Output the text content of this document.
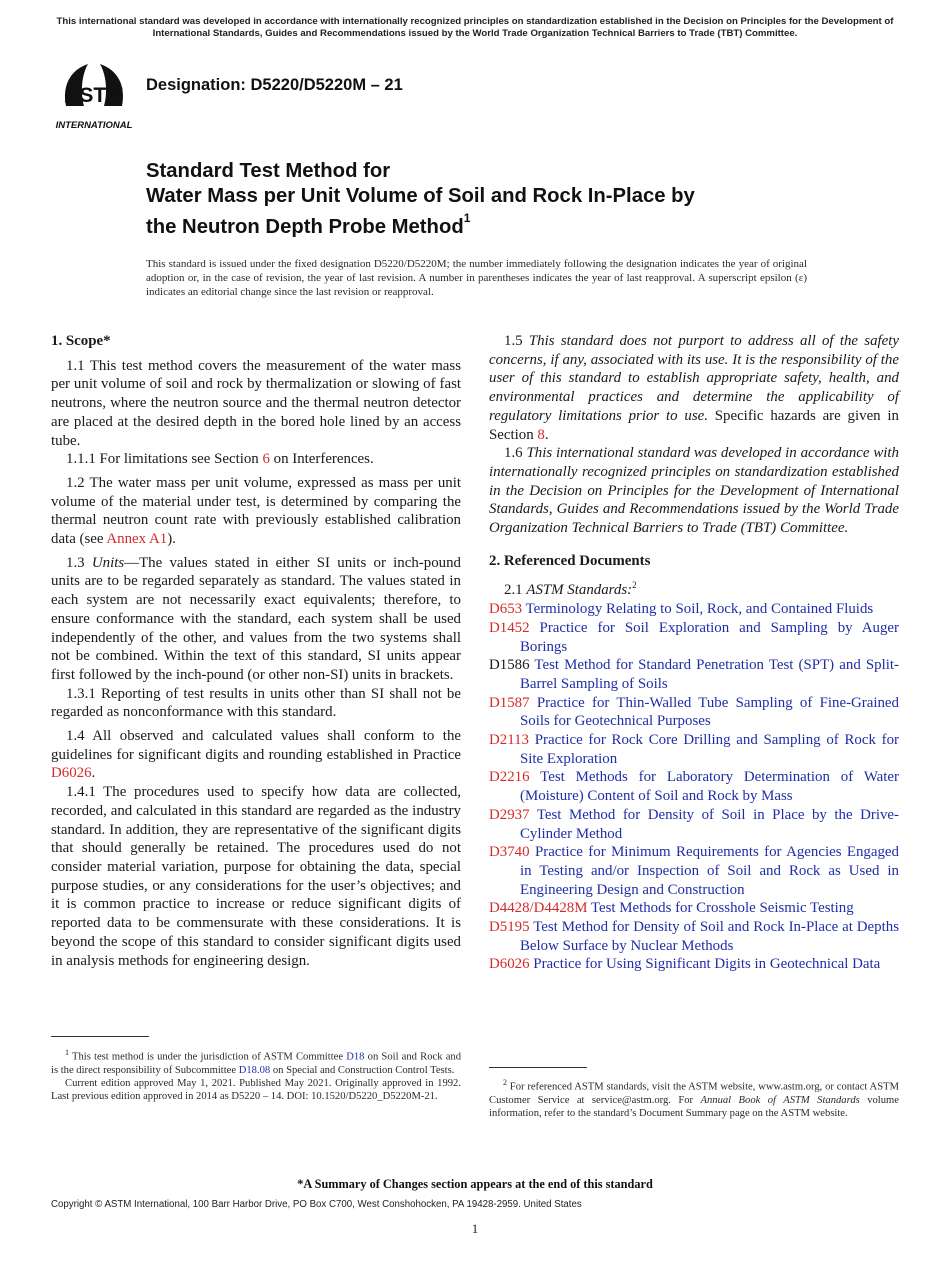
This international standard was developed in accordance with internationally recognized principles on standardization established in the Decision on Principles for the Development of International Standards, Guides and Recommendations issued by the World Trade Organization Technical Barriers to Trade (TBT) Committee.
ASTM
INTERNATIONAL
Designation: D5220/D5220M – 21
Standard Test Method for
Water Mass per Unit Volume of Soil and Rock In-Place by
the Neutron Depth Probe Method$^1$
This standard is issued under the fixed designation D5220/D5220M; the number immediately following the designation indicates the year of original adoption or, in the case of revision, the year of last revision. A number in parentheses indicates the year of last reapproval. A superscript epsilon (ε) indicates an editorial change since the last revision or reapproval.

1. Scope*

1.1 This test method covers the measurement of the water mass per unit volume of soil and rock by thermalization or slowing of fast neutrons, where the neutron source and the thermal neutron detector are placed at the desired depth in the bored hole lined by an access tube.

1.1.1 For limitations see Section 6 on Interferences.

1.2 The water mass per unit volume, expressed as mass per unit volume of the material under test, is determined by comparing the thermal neutron count rate with previously established calibration data (see Annex A1).

1.3 Units—The values stated in either SI units or inch-pound units are to be regarded separately as standard. The values stated in each system are not necessarily exact equivalents; therefore, to ensure conformance with the standard, each system shall be used independently of the other, and values from the two systems shall not be combined. Within the text of this standard, SI units appear first followed by the inch-pound (or other non-SI) units in brackets.

1.3.1 Reporting of test results in units other than SI shall not be regarded as nonconformance with this standard.

1.4 All observed and calculated values shall conform to the guidelines for significant digits and rounding established in Practice D6026.

1.4.1 The procedures used to specify how data are collected, recorded, and calculated in this standard are regarded as the industry standard. In addition, they are representative of the significant digits that should generally be retained. The procedures used do not consider material variation, purpose for obtaining the data, special purpose studies, or any considerations for the user’s objectives; and it is common practice to increase or reduce significant digits of reported data to be commensurate with these considerations. It is beyond the scope of this standard to consider significant digits used in analysis methods for engineering design.

$^1$ This test method is under the jurisdiction of ASTM Committee D18 on Soil and Rock and is the direct responsibility of Subcommittee D18.08 on Special and Construction Control Tests.

Current edition approved May 1, 2021. Published May 2021. Originally approved in 1992. Last previous edition approved in 2014 as D5220 – 14. DOI: 10.1520/D5220_D5220M-21.

1.5 This standard does not purport to address all of the safety concerns, if any, associated with its use. It is the responsibility of the user of this standard to establish appropriate safety, health, and environmental practices and determine the applicability of regulatory limitations prior to use. Specific hazards are given in Section 8.

1.6 This international standard was developed in accordance with internationally recognized principles on standardization established in the Decision on Principles for the Development of International Standards, Guides and Recommendations issued by the World Trade Organization Technical Barriers to Trade (TBT) Committee.

2. Referenced Documents

2.1 ASTM Standards:$^2$

D653 Terminology Relating to Soil, Rock, and Contained Fluids

D1452 Practice for Soil Exploration and Sampling by Auger Borings

D1586 Test Method for Standard Penetration Test (SPT) and Split-Barrel Sampling of Soils

D1587 Practice for Thin-Walled Tube Sampling of Fine-Grained Soils for Geotechnical Purposes

D2113 Practice for Rock Core Drilling and Sampling of Rock for Site Exploration

D2216 Test Methods for Laboratory Determination of Water (Moisture) Content of Soil and Rock by Mass

D2937 Test Method for Density of Soil in Place by the Drive-Cylinder Method

D3740 Practice for Minimum Requirements for Agencies Engaged in Testing and/or Inspection of Soil and Rock as Used in Engineering Design and Construction

D4428/D4428M Test Methods for Crosshole Seismic Testing

D5195 Test Method for Density of Soil and Rock In-Place at Depths Below Surface by Nuclear Methods

D6026 Practice for Using Significant Digits in Geotechnical Data

$^2$ For referenced ASTM standards, visit the ASTM website, www.astm.org, or contact ASTM Customer Service at service@astm.org. For Annual Book of ASTM Standards volume information, refer to the standard’s Document Summary page on the ASTM website.

*A Summary of Changes section appears at the end of this standard
Copyright © ASTM International, 100 Barr Harbor Drive, PO Box C700, West Conshohocken, PA 19428-2959. United States
1
